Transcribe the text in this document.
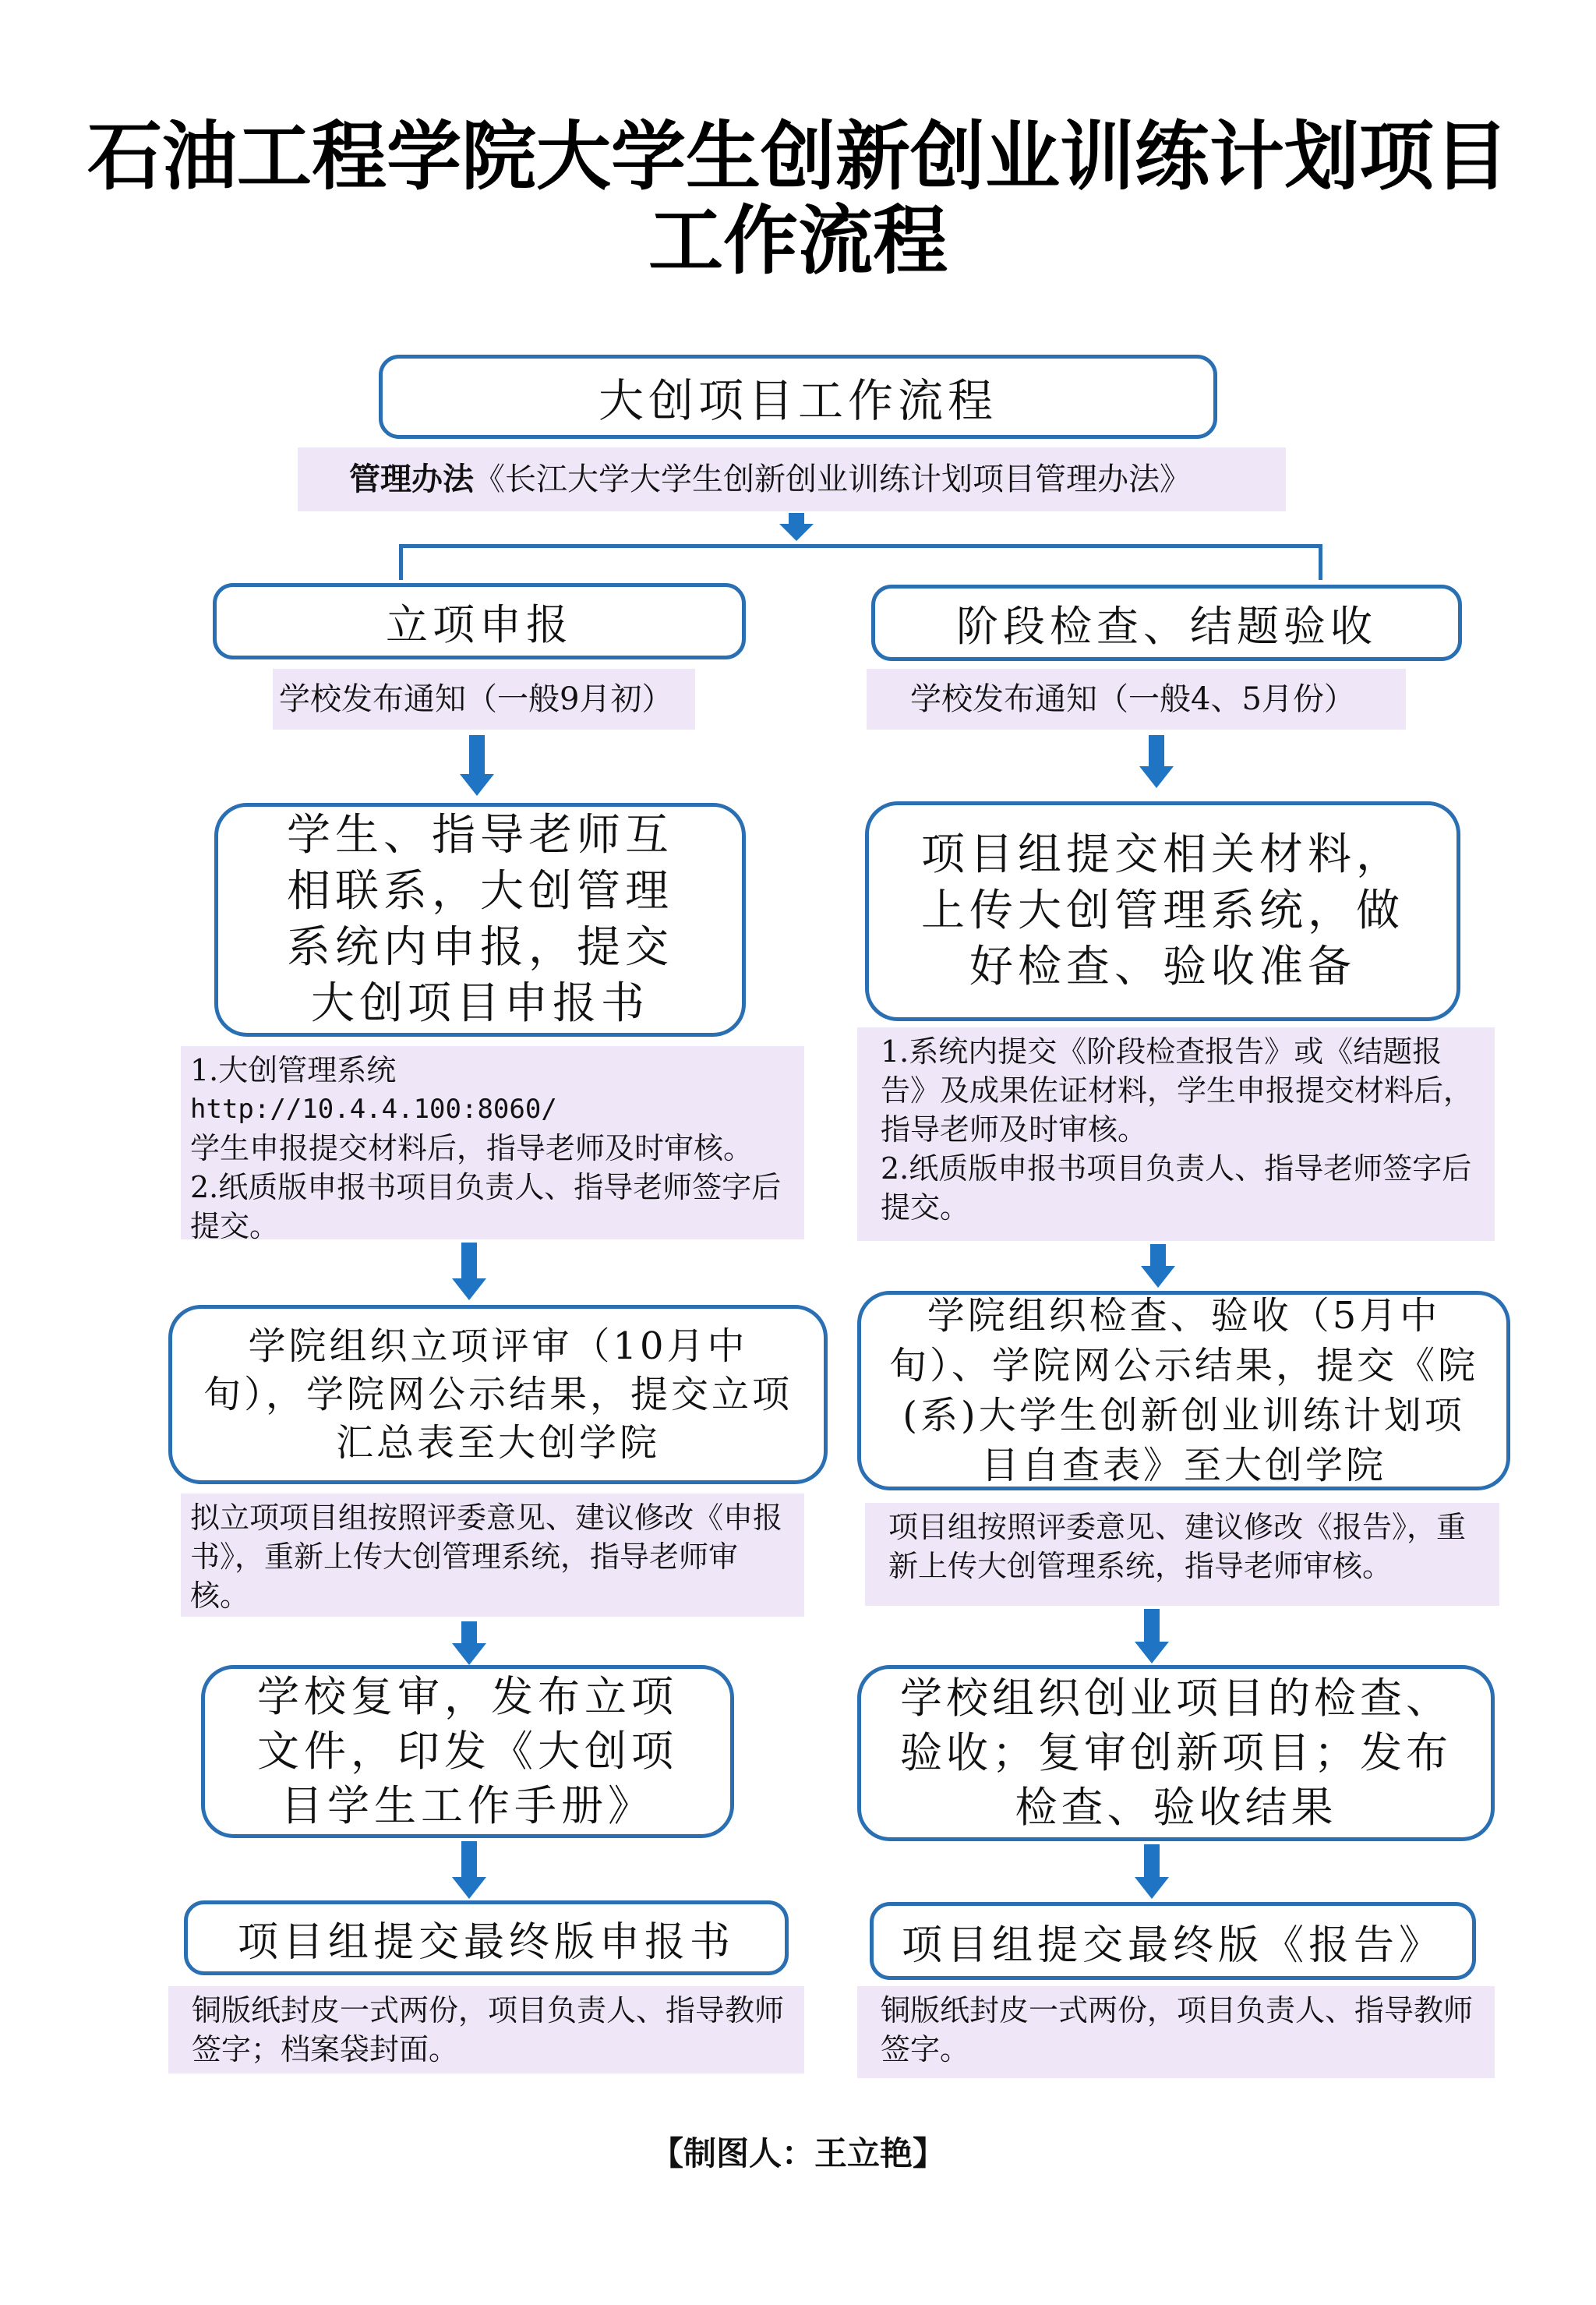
石油工程学院大学生创新创业训练计划项目
工作流程
大创项目工作流程
管理办法《长江大学大学生创新创业训练计划项目管理办法》
立项申报
学校发布通知（一般9月初）
学生、指导老师互相联系，大创管理系统内申报，提交大创项目申报书
1.大创管理系统
http://10.4.4.100:8060/
学生申报提交材料后，指导老师及时审核。
2.纸质版申报书项目负责人、指导老师签字后提交。
学院组织立项评审（10月中旬），学院网公示结果，提交立项汇总表至大创学院
拟立项项目组按照评委意见、建议修改《申报书》，重新上传大创管理系统，指导老师审核。
学校复审，发布立项文件，印发《大创项目学生工作手册》
项目组提交最终版申报书
铜版纸封皮一式两份，项目负责人、指导教师签字；档案袋封面。
阶段检查、结题验收
学校发布通知（一般4、5月份）
项目组提交相关材料，上传大创管理系统，做好检查、验收准备
1.系统内提交《阶段检查报告》或《结题报告》及成果佐证材料，学生申报提交材料后，指导老师及时审核。
2.纸质版申报书项目负责人、指导老师签字后提交。
学院组织检查、验收（5月中旬）、学院网公示结果，提交《院(系)大学生创新创业训练计划项目自查表》至大创学院
项目组按照评委意见、建议修改《报告》，重新上传大创管理系统，指导老师审核。
学校组织创业项目的检查、验收；复审创新项目；发布检查、验收结果
项目组提交最终版《报告》
铜版纸封皮一式两份，项目负责人、指导教师签字。
【制图人：王立艳】
